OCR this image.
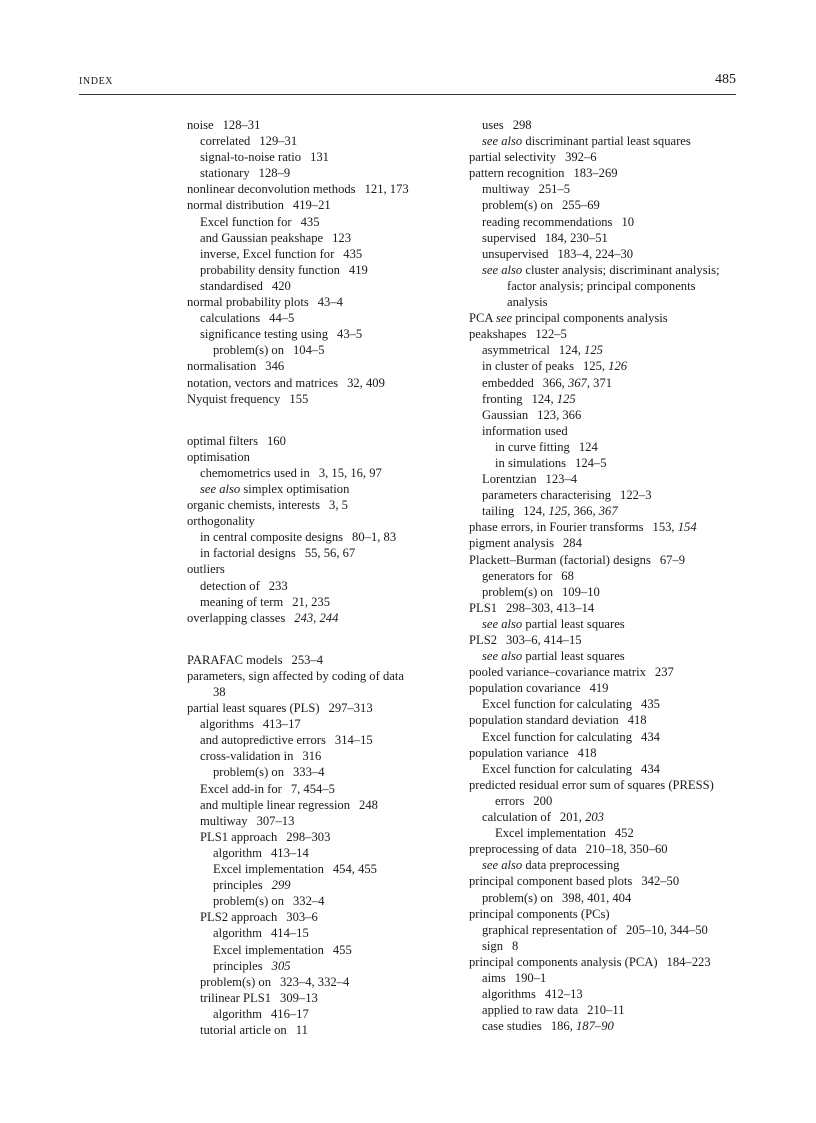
INDEX	485
noise 128–31
correlated 129–31
signal-to-noise ratio 131
stationary 128–9
nonlinear deconvolution methods 121, 173
normal distribution 419–21
Excel function for 435
and Gaussian peakshape 123
inverse, Excel function for 435
probability density function 419
standardised 420
normal probability plots 43–4
calculations 44–5
significance testing using 43–5
problem(s) on 104–5
normalisation 346
notation, vectors and matrices 32, 409
Nyquist frequency 155
optimal filters 160
optimisation
chemometrics used in 3, 15, 16, 97
see also simplex optimisation
organic chemists, interests 3, 5
orthogonality
in central composite designs 80–1, 83
in factorial designs 55, 56, 67
outliers
detection of 233
meaning of term 21, 235
overlapping classes 243, 244
PARAFAC models 253–4
parameters, sign affected by coding of data
38
partial least squares (PLS) 297–313
algorithms 413–17
and autopredictive errors 314–15
cross-validation in 316
problem(s) on 333–4
Excel add-in for 7, 454–5
and multiple linear regression 248
multiway 307–13
PLS1 approach 298–303
algorithm 413–14
Excel implementation 454, 455
principles 299
problem(s) on 332–4
PLS2 approach 303–6
algorithm 414–15
Excel implementation 455
principles 305
problem(s) on 323–4, 332–4
trilinear PLS1 309–13
algorithm 416–17
tutorial article on 11
uses 298
see also discriminant partial least squares
partial selectivity 392–6
pattern recognition 183–269
multiway 251–5
problem(s) on 255–69
reading recommendations 10
supervised 184, 230–51
unsupervised 183–4, 224–30
see also cluster analysis; discriminant analysis;
factor analysis; principal components
analysis
PCA see principal components analysis
peakshapes 122–5
asymmetrical 124, 125
in cluster of peaks 125, 126
embedded 366, 367, 371
fronting 124, 125
Gaussian 123, 366
information used
in curve fitting 124
in simulations 124–5
Lorentzian 123–4
parameters characterising 122–3
tailing 124, 125, 366, 367
phase errors, in Fourier transforms 153, 154
pigment analysis 284
Plackett–Burman (factorial) designs 67–9
generators for 68
problem(s) on 109–10
PLS1 298–303, 413–14
see also partial least squares
PLS2 303–6, 414–15
see also partial least squares
pooled variance–covariance matrix 237
population covariance 419
Excel function for calculating 435
population standard deviation 418
Excel function for calculating 434
population variance 418
Excel function for calculating 434
predicted residual error sum of squares (PRESS)
errors 200
calculation of 201, 203
Excel implementation 452
preprocessing of data 210–18, 350–60
see also data preprocessing
principal component based plots 342–50
problem(s) on 398, 401, 404
principal components (PCs)
graphical representation of 205–10, 344–50
sign 8
principal components analysis (PCA) 184–223
aims 190–1
algorithms 412–13
applied to raw data 210–11
case studies 186, 187–90
